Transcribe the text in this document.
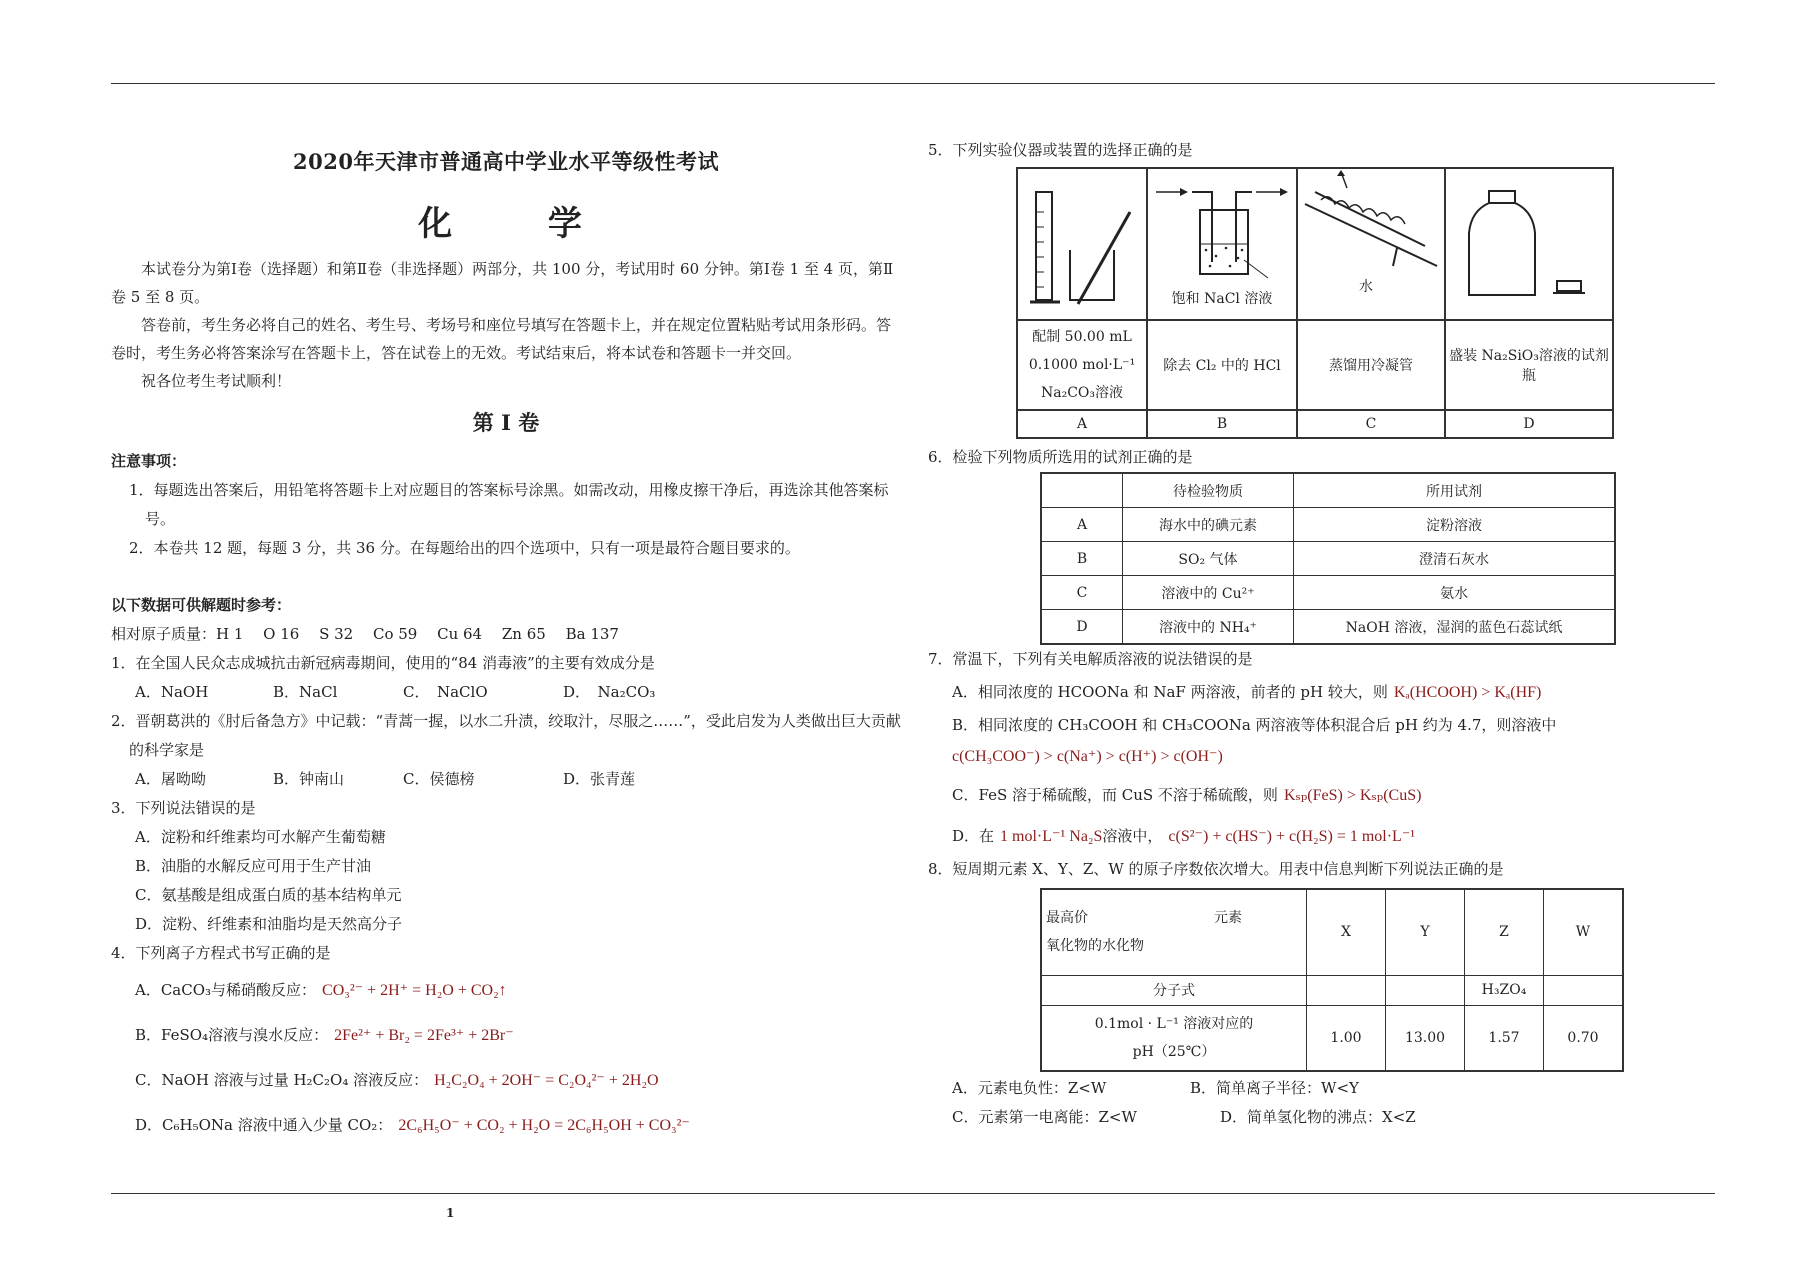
2020年天津市普通高中学业水平等级性考试

化 学

本试卷分为第Ⅰ卷（选择题）和第Ⅱ卷（非选择题）两部分，共 100 分，考试用时 60 分钟。第Ⅰ卷 1 至 4 页，第Ⅱ卷 5 至 8 页。

答卷前，考生务必将自己的姓名、考生号、考场号和座位号填写在答题卡上，并在规定位置粘贴考试用条形码。答卷时，考生务必将答案涂写在答题卡上，答在试卷上的无效。考试结束后，将本试卷和答题卡一并交回。

祝各位考生考试顺利！

第 I 卷

注意事项：

1．每题选出答案后，用铅笔将答题卡上对应题目的答案标号涂黑。如需改动，用橡皮擦干净后，再选涂其他答案标号。

2．本卷共 12 题，每题 3 分，共 36 分。在每题给出的四个选项中，只有一项是最符合题目要求的。

以下数据可供解题时参考：

相对原子质量：H 1　 O 16　 S 32　 Co 59　 Cu 64　 Zn 65　 Ba 137

1．在全国人民众志成城抗击新冠病毒期间，使用的“84 消毒液”的主要有效成分是

A．NaOH	B．NaCl	C．　NaClO	D．　Na₂CO₃

2．晋朝葛洪的《肘后备急方》中记载：“青蒿一握，以水二升渍，绞取汁，尽服之……”，受此启发为人类做出巨大贡献的科学家是

A．屠呦呦	B．钟南山	C．侯德榜	D．张青莲

3．下列说法错误的是

A．淀粉和纤维素均可水解产生葡萄糖

B．油脂的水解反应可用于生产甘油

C．氨基酸是组成蛋白质的基本结构单元

D．淀粉、纤维素和油脂均是天然高分子

4．下列离子方程式书写正确的是

A．CaCO₃与稀硝酸反应： CO₃²⁻ + 2H⁺ = H₂O + CO₂↑

B．FeSO₄溶液与溴水反应： 2Fe²⁺ + Br₂ = 2Fe³⁺ + 2Br⁻

C．NaOH 溶液与过量 H₂C₂O₄ 溶液反应： H₂C₂O₄ + 2OH⁻ = C₂O₄²⁻ + 2H₂O

D．C₆H₅ONa 溶液中通入少量 CO₂： 2C₆H₅O⁻ + CO₂ + H₂O = 2C₆H₅OH + CO₃²⁻

5．下列实验仪器或装置的选择正确的是

饱和 NaCl 溶液	水

配制 50.00 mL 0.1000 mol·L⁻¹ Na₂CO₃溶液	除去 Cl₂ 中的 HCl	蒸馏用冷凝管	盛装 Na₂SiO₃溶液的试剂瓶
A	B	C	D

6．检验下列物质所选用的试剂正确的是

	待检验物质	所用试剂
A	海水中的碘元素	淀粉溶液
B	SO₂ 气体	澄清石灰水
C	溶液中的 Cu²⁺	氨水
D	溶液中的 NH₄⁺	NaOH 溶液，湿润的蓝色石蕊试纸

7．常温下，下列有关电解质溶液的说法错误的是

A．相同浓度的 HCOONa 和 NaF 两溶液，前者的 pH 较大，则 Kₐ(HCOOH) > Kₐ(HF)

B．相同浓度的 CH₃COOH 和 CH₃COONa 两溶液等体积混合后 pH 约为 4.7，则溶液中

c(CH₃COO⁻) > c(Na⁺) > c(H⁺) > c(OH⁻)

C．FeS 溶于稀硫酸，而 CuS 不溶于稀硫酸，则 Kₛₚ(FeS) > Kₛₚ(CuS)

D．在 1 mol·L⁻¹ Na₂S溶液中， c(S²⁻) + c(HS⁻) + c(H₂S) = 1 mol·L⁻¹

8．短周期元素 X、Y、Z、W 的原子序数依次增大。用表中信息判断下列说法正确的是

最高价 元素
氧化物的水化物	X	Y	Z	W
分子式			H₃ZO₄	

0.1mol · L⁻¹ 溶液对应的
pH（25℃）	1.00	13.00	1.57	0.70
A．元素电负性：Z<W	B．简单离子半径：W<Y
C．元素第一电离能：Z<W	D．简单氢化物的沸点：X<Z
1
